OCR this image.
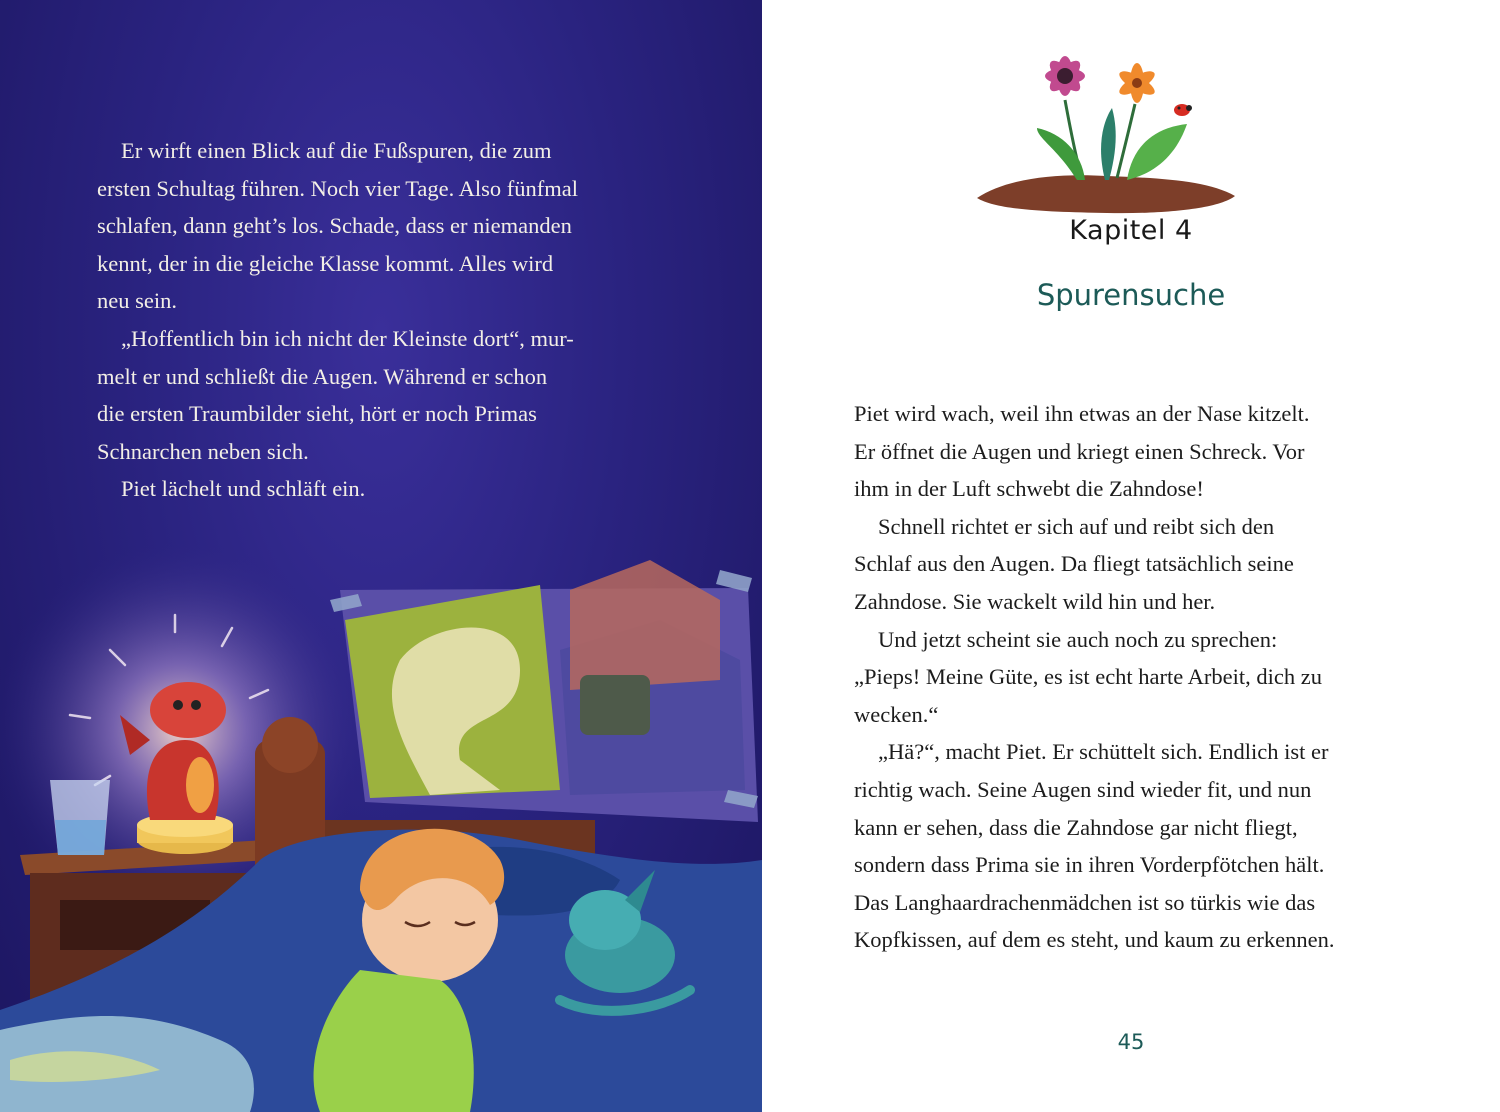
Er wirft einen Blick auf die Fußspuren, die zum
ersten Schultag führen. Noch vier Tage. Also fünfmal
schlafen, dann geht’s los. Schade, dass er niemanden
kennt, der in die gleiche Klasse kommt. Alles wird
neu sein.

„Hoffentlich bin ich nicht der Kleinste dort“, mur-
melt er und schließt die Augen. Während er schon
die ersten Traumbilder sieht, hört er noch Primas
Schnarchen neben sich.

Piet lächelt und schläft ein.

Kapitel 4
Spurensuche

Piet wird wach, weil ihn etwas an der Nase kitzelt.
Er öffnet die Augen und kriegt einen Schreck. Vor
ihm in der Luft schwebt die Zahndose!

Schnell richtet er sich auf und reibt sich den
Schlaf aus den Augen. Da fliegt tatsächlich seine
Zahndose. Sie wackelt wild hin und her.

Und jetzt scheint sie auch noch zu sprechen:

„Pieps! Meine Güte, es ist echt harte Arbeit, dich zu
wecken.“

„Hä?“, macht Piet. Er schüttelt sich. Endlich ist er
richtig wach. Seine Augen sind wieder fit, und nun
kann er sehen, dass die Zahndose gar nicht fliegt,
sondern dass Prima sie in ihren Vorderpfötchen hält.
Das Langhaardrachenmädchen ist so türkis wie das
Kopfkissen, auf dem es steht, und kaum zu erkennen.

45
